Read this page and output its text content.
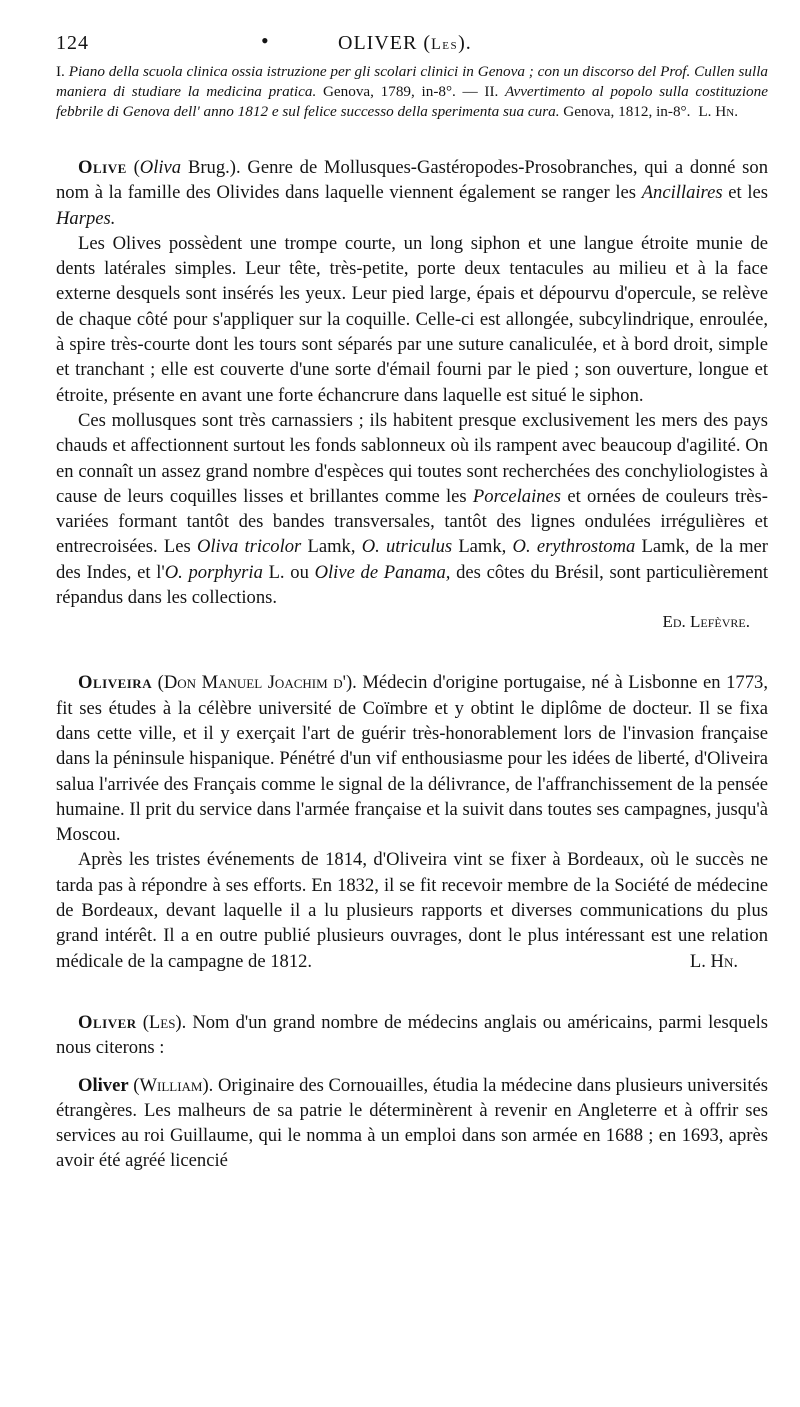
124	•	OLIVER (Les).

I. Piano della scuola clinica ossia istruzione per gli scolari clinici in Genova ; con un discorso del Prof. Cullen sulla maniera di studiare la medicina pratica. Genova, 1789, in-8°. — II. Avvertimento al popolo sulla costituzione febbrile di Genova dell' anno 1812 e sul felice successo della sperimenta sua cura. Genova, 1812, in-8°. L. Hn.

Olive (Oliva Brug.). Genre de Mollusques-Gastéropodes-Prosobranches, qui a donné son nom à la famille des Olivides dans laquelle viennent également se ranger les Ancillaires et les Harpes.

Les Olives possèdent une trompe courte, un long siphon et une langue étroite munie de dents latérales simples. Leur tête, très-petite, porte deux tentacules au milieu et à la face externe desquels sont insérés les yeux. Leur pied large, épais et dépourvu d'opercule, se relève de chaque côté pour s'appliquer sur la coquille. Celle-ci est allongée, subcylindrique, enroulée, à spire très-courte dont les tours sont séparés par une suture canaliculée, et à bord droit, simple et tranchant ; elle est couverte d'une sorte d'émail fourni par le pied ; son ouverture, longue et étroite, présente en avant une forte échancrure dans laquelle est situé le siphon.

Ces mollusques sont très carnassiers ; ils habitent presque exclusivement les mers des pays chauds et affectionnent surtout les fonds sablonneux où ils rampent avec beaucoup d'agilité. On en connaît un assez grand nombre d'espèces qui toutes sont recherchées des conchyliologistes à cause de leurs coquilles lisses et brillantes comme les Porcelaines et ornées de couleurs très-variées formant tantôt des bandes transversales, tantôt des lignes ondulées irrégulières et entrecroisées. Les Oliva tricolor Lamk, O. utriculus Lamk, O. erythrostoma Lamk, de la mer des Indes, et l'O. porphyria L. ou Olive de Panama, des côtes du Brésil, sont particulièrement répandus dans les collections.

Ed. Lefèvre.

Oliveira (Don Manuel Joachim d'). Médecin d'origine portugaise, né à Lisbonne en 1773, fit ses études à la célèbre université de Coïmbre et y obtint le diplôme de docteur. Il se fixa dans cette ville, et il y exerçait l'art de guérir très-honorablement lors de l'invasion française dans la péninsule hispanique. Pénétré d'un vif enthousiasme pour les idées de liberté, d'Oliveira salua l'arrivée des Français comme le signal de la délivrance, de l'affranchissement de la pensée humaine. Il prit du service dans l'armée française et la suivit dans toutes ses campagnes, jusqu'à Moscou.

Après les tristes événements de 1814, d'Oliveira vint se fixer à Bordeaux, où le succès ne tarda pas à répondre à ses efforts. En 1832, il se fit recevoir membre de la Société de médecine de Bordeaux, devant laquelle il a lu plusieurs rapports et diverses communications du plus grand intérêt. Il a en outre publié plusieurs ouvrages, dont le plus intéressant est une relation médicale de la campagne de 1812.	L. Hn.

Oliver (Les). Nom d'un grand nombre de médecins anglais ou américains, parmi lesquels nous citerons :

Oliver (William). Originaire des Cornouailles, étudia la médecine dans plusieurs universités étrangères. Les malheurs de sa patrie le déterminèrent à revenir en Angleterre et à offrir ses services au roi Guillaume, qui le nomma à un emploi dans son armée en 1688 ; en 1693, après avoir été agréé licencié
